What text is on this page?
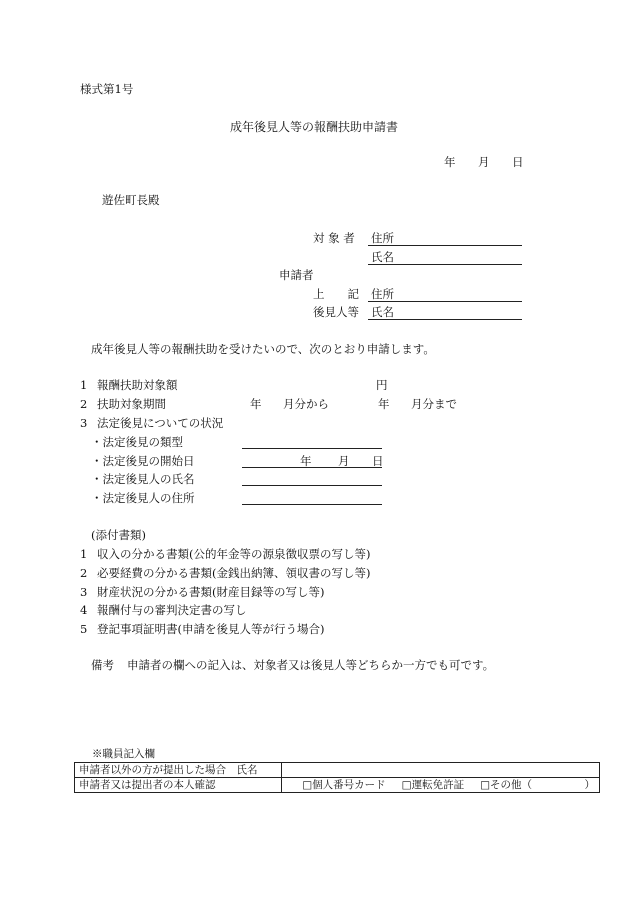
様式第1号
成年後見人等の報酬扶助申請書
年 月 日
遊佐町長殿
対 象 者 住所
氏名
申請者
上　　記 住所
後見人等 氏名
成年後見人等の報酬扶助を受けたいので、次のとおり申請します。
1 報酬扶助対象額	円
2 扶助対象期間	年 月分から	年 月分まで
3 法定後見についての状況
・法定後見の類型
・法定後見の開始日	年 月 日
・法定後見人の氏名
・法定後見人の住所
(添付書類)
1 収入の分かる書類(公的年金等の源泉徴収票の写し等)
2 必要経費の分かる書類(金銭出納簿、領収書の写し等)
3 財産状況の分かる書類(財産目録等の写し等)
4 報酬付与の審判決定書の写し
5 登記事項証明書(申請を後見人等が行う場合)
備考 申請者の欄への記入は、対象者又は後見人等どちらか一方でも可です。
※職員記入欄
申請者以外の方が提出した場合　氏名	
申請者又は提出者の本人確認	□個人番号カード □運転免許証 □その他（　　　　　）
